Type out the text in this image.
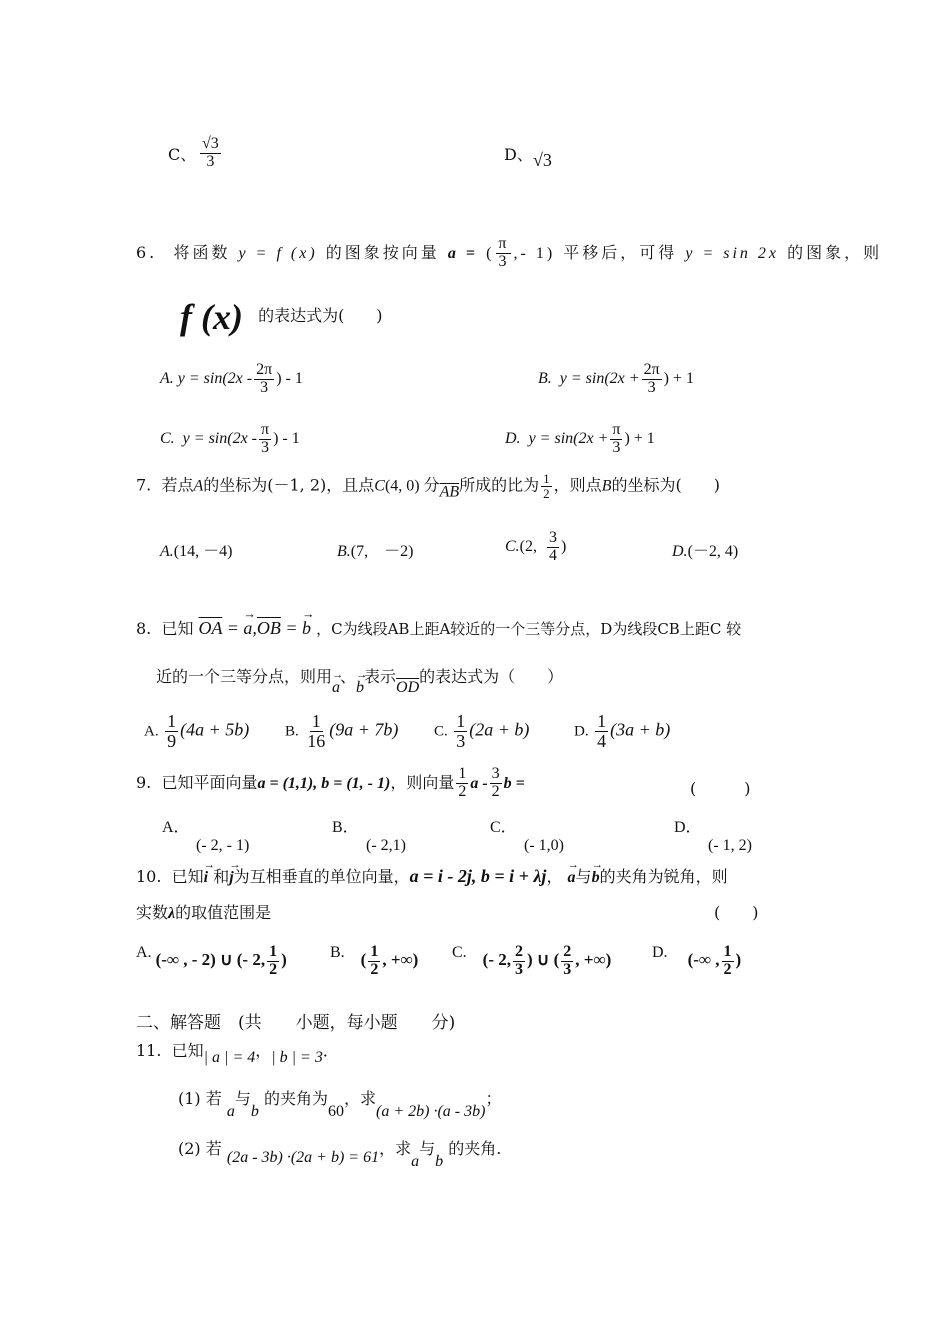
C、 $\frac{√3}{3}$	D、 √3
6. 将函数 y = f (x) 的图象按向量 a = ( $\frac{\pi}{3}$ ,- 1) 平移后，可得 y = sin 2x 的图象，则
f (x) 的表达式为(　　)
A. $y = \sin(2x - \frac{2\pi}{3}$ ) - 1	B. $y = \sin(2x + \frac{2\pi}{3}$ ) + 1
C. $y = \sin(2x - \frac{\pi}{3}$ ) - 1	D. $y = \sin(2x + \frac{\pi}{3}$ ) + 1
7. 若点A的坐标为(－1, 2)，且点C(4, 0) 分$\overline{AB}$所成的比为 $\frac{1}{2}$ ，则点B的坐标为(　　)
A.(14, －4)	B.(7,　－2)	C.(2, $\frac{3}{4}$ )	D.(－2, 4)
8. 已知 $\overline{OA}$ = → $a,\overline{OB}$ = → b ，C为线段AB上距A较近的一个三等分点，D为线段CB上距C 较
近的一个三等分点，则用→ a、→ b表示$\overline{OD}$的表达式为（　　）
A. $\frac{1}{9} (4a + 5b)$ B. $\frac{1}{16} (9a + 7b)$ C. $\frac{1}{3} (2a + b)$	D. $\frac{1}{4} (3a + b)$
9. 已知平面向量a = (1,1), b = (1, - 1)，则向量 $\frac{1}{2}$ a - $\frac{3}{2}$ b =	(　　　)
A．
(- 2, - 1)
B．
(- 2,1)
C．
(- 1,0)
D．
(- 1, 2)
10. 已知→ i 和→ j为互相垂直的单位向量，a = i - 2j, b = i + λj， → a与→ b的夹角为锐角，则
实数λ的取值范围是	(　　)
A. (-∞ , - 2) ∪ (- 2, $\frac{1}{2}$ )	B. ( $\frac{1}{2}$ , +∞) C. (- 2, $\frac{2}{3}$ ) ∪ ( $\frac{2}{3}$ , +∞)	D. (-∞ , $\frac{1}{2}$ )
二、解答题　(共　　小题，每小题　　分)
11. 已知| a | = 4，| b | = 3．
(1) 若 a与b 的夹角为60，求(a + 2b) ·(a - 3b)；
(2) 若 (2a - 3b) ·(2a + b) = 61，求a与b 的夹角.
